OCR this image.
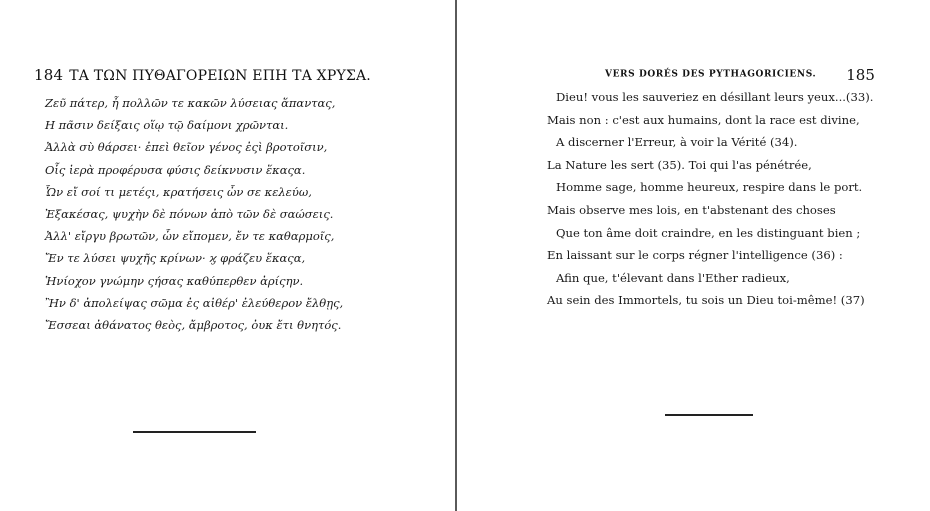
184 ΤΑ ΤΩΝ ΠΥΘΑΓΟΡΕΙΩΝ ΕΠΗ ΤΑ ΧΡΥΣΑ.
Ζεῦ πάτερ, ἦ πολλῶν τε κακῶν λύσειας ἅπαντας,
Η πᾶσιν δείξαις οἵῳ τῷ δαίμονι χρῶνται.
Ἀλλὰ σὺ θάρσει· ἐπεὶ θεῖον γένος ἐςὶ βροτοῖσιν,
Οἷς ἱερὰ προφέρυσα φύσις δείκνυσιν ἕκαςα.
Ὧν εἴ σοί τι μετέςι, κρατήσεις ὧν σε κελεύω,
Ἐξακέσας, ψυχὴν δὲ πόνων ἀπὸ τῶν δὲ σαώσεις.
Ἀλλ' εἴργυ βρωτῶν, ὧν εἴπομεν, ἔν τε καθαρμοῖς,
Ἔν τε λύσει ψυχῆς κρίνων· ϗ φράζευ ἕκαςα,
Ἡνίοχον γνώμην ςήσας καθύπερθεν ἀρίςην.
Ἢν δ' ἀπολείψας σῶμα ἐς αἰθέρ' ἐλεύθερον ἔλθῃς,
Ἔσσεαι ἀθάνατος θεὸς, ἄμβροτος, ὀυκ ἔτι θνητός.
VERS DORÉS DES PYTHAGORICIENS. 185
Dieu! vous les sauveriez en désillant leurs yeux...(33).
Mais non : c'est aux humains, dont la race est divine,
A discerner l'Erreur, à voir la Vérité (34).
La Nature les sert (35). Toi qui l'as pénétrée,
Homme sage, homme heureux, respire dans le port.
Mais observe mes lois, en t'abstenant des choses
Que ton âme doit craindre, en les distinguant bien ;
En laissant sur le corps régner l'intelligence (36) :
Afin que, t'élevant dans l'Ether radieux,
Au sein des Immortels, tu sois un Dieu toi-même! (37)
